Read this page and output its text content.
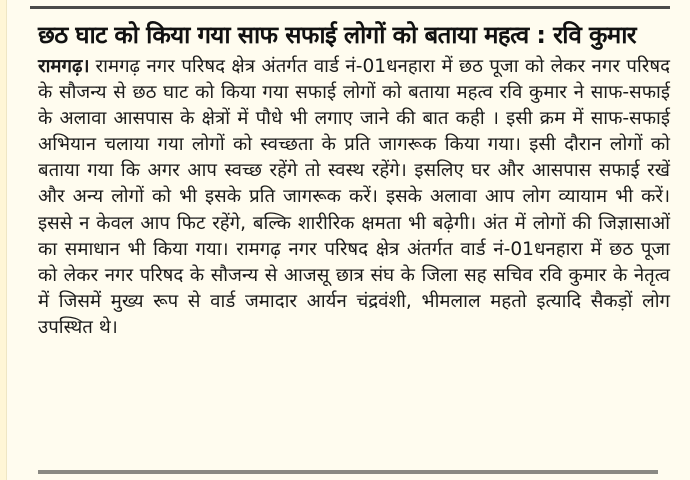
छठ घाट को किया गया साफ सफाई लोगों को बताया महत्व : रवि कुमार
रामगढ़। रामगढ़ नगर परिषद क्षेत्र अंतर्गत वार्ड नं-01धनहारा में छठ पूजा को लेकर नगर परिषद के सौजन्य से छठ घाट को किया गया सफाई लोगों को बताया महत्व रवि कुमार ने साफ-सफाई के अलावा आसपास के क्षेत्रों में पौधे भी लगाए जाने की बात कही । इसी क्रम में साफ-सफाई अभियान चलाया गया लोगों को स्वच्छता के प्रति जागरूक किया गया। इसी दौरान लोगों को बताया गया कि अगर आप स्वच्छ रहेंगे तो स्वस्थ रहेंगे। इसलिए घर और आसपास सफाई रखें और अन्य लोगों को भी इसके प्रति जागरूक करें। इसके अलावा आप लोग व्यायाम भी करें। इससे न केवल आप फिट रहेंगे, बल्कि शारीरिक क्षमता भी बढ़ेगी। अंत में लोगों की जिज्ञासाओं का समाधान भी किया गया। रामगढ़ नगर परिषद क्षेत्र अंतर्गत वार्ड नं-01धनहारा में छठ पूजा को लेकर नगर परिषद के सौजन्य से आजसू छात्र संघ के जिला सह सचिव रवि कुमार के नेतृत्व में जिसमें मुख्य रूप से वार्ड जमादार आर्यन चंद्रवंशी, भीमलाल महतो इत्यादि सैकड़ों लोग उपस्थित थे।
